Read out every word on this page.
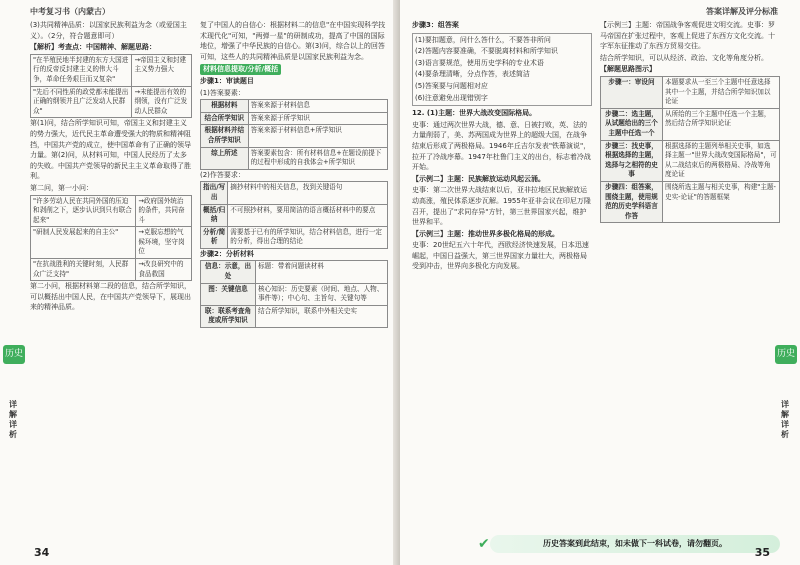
中考复习书（内蒙古）
历史
详解详析

(3)共同精神品质：以国家民族利益为念（或爱国主义）。（2分，符合题意即可）

【解析】考查点：中国精神、解题思路：

"在半殖民地半封建的东方大国进行的反帝反封建主义的伟大斗争，革命任务艰巨而又复杂"	→帝国主义和封建主义势力强大
"先后不同性质的政党都未能提出正确的纲领并且广泛发动人民群众"	→未能提出有效的纲领，没有广泛发动人民群众

第(1)问，结合所学知识可知，帝国主义和封建主义的势力强大，近代民主革命遭受强大的物质和精神阻挡，中国共产党的成立，使中国革命有了正确的领导力量。第(2)问，从材料可知，中国人民经历了太多的失败。中国共产党领导的新民主主义革命取得了胜利。

第二问，第一小问：

"许多劳动人民在共同外国的压迫和剥削之下，逐步认识到只有联合起来"	→政府国外统治的条件，共同奋斗
"研制人民发展起来的自主公"	→克服忘想的气候环境，坚守岗位
"在抗战胜利的关键时刻，人民群众广泛支持"	→改良研究中的食品救国

第二小问，根据材料第二段的信息，结合所学知识，可以概括出中国人民，在中国共产党领导下，展现出来的精神品质。

复了中国人的自信心：根据材料二的信息"在中国实现科学技术现代化"可知，"两弹一星"的研制成功，提高了中国的国际地位，增强了中华民族的自信心。第(3)问，综合以上的回答可知，这些人的共同精神品质是以国家民族利益为念。

材料信息提取/分析/概括

步骤1：审读题目

(1)答案要素：

根据材料	答案来源于材料信息
结合所学知识	答案来源于所学知识
根据材料并结合所学知识	答案来源于材料信息+所学知识
综上所述	答案要素包含：所有材料信息+在题设前提下的过程中形成的自我体会+所学知识

(2)作答要求：

指出/写出	摘抄材料中的相关信息，找到关键语句
概括/归纳	不可照抄材料，要用简洁的语言概括材料中的要点
分析/简析	需要基于已有的所学知识，结合材料信息，进行一定的分析，得出合理的结论

步骤2：分析材料

信息：示意，出处	标题：带着问题读材料
图：关键信息	核心知识：历史要素（时间、地点、人物、事件等）；中心句、主旨句、关键句等
联：联系考查角度或所学知识	结合所学知识，联系中外相关史实
34
答案详解及评分标准
历史
详解详析

步骤3：组答案

(1)要扣题意，问什么答什么，不要答非所问

(2)答题内容要准确，不要脱离材料和所学知识

(3)语言要规范，使用历史学科的专业术语

(4)要条理清晰，分点作答，表述简洁

(5)答案要与问题相对应

(6)注意避免出现错别字

12. (1)主题：世界大战改变国际格局。

史事：通过两次世界大战，德、意、日被打败，英、法的力量削弱了，美、苏两国成为世界上的超级大国，在战争结束后形成了两极格局。1946年丘吉尔发表"铁幕演说"，拉开了冷战序幕。1947年杜鲁门主义的出台，标志着冷战开始。

【示例二】主题：民族解放运动风起云涌。

史事：第二次世界大战结束以后，亚非拉地区民族解放运动高涨，殖民体系逐步瓦解。1955年亚非会议在印尼万隆召开，提出了"求同存异"方针，第三世界国家兴起，维护世界和平。

【示例三】主题：推动世界多极化格局的形成。

史事：20世纪五六十年代，西欧经济快速发展，日本迅速崛起，中国日益强大，第三世界国家力量壮大，两极格局受到冲击，世界向多极化方向发展。

【示例三】主题：帝国战争客观促进文明交流。史事：罗马帝国在扩张过程中，客观上促进了东西方文化交流。十字军东征推动了东西方贸易交往。

结合所学知识，可以从经济、政治、文化等角度分析。

【解题思路图示】

步骤一：审设问	本题要求从一至三个主题中任意选择其中一个主题，并结合所学知识加以论证
步骤二：选主题，从试题给出的三个主题中任选一个	从所给的三个主题中任选一个主题，然后结合所学知识论证
步骤三：找史事，根据选择的主题，选择与之相符的史事	根据选择的主题列举相关史事，如选择主题一"世界大战改变国际格局"，可从二战结束后的两极格局、冷战等角度论证
步骤四：组答案，围绕主题，使用规范的历史学科语言作答	围绕所选主题与相关史事，构建"主题-史实-论证"的答题框架
✔	历史答案到此结束，如未做下一科试卷，请勿翻页。
35
